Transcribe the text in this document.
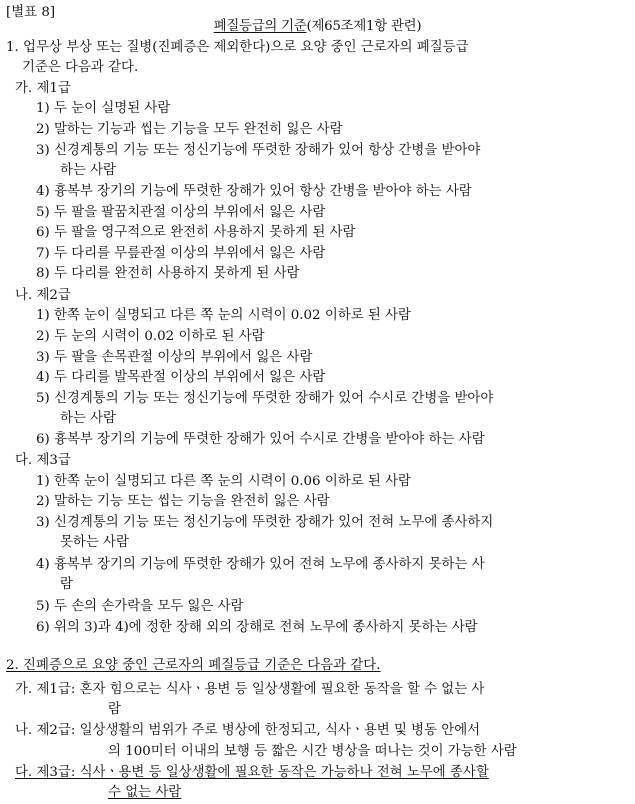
[별표 8]
폐질등급의 기준(제65조제1항 관련)
1. 업무상 부상 또는 질병(진폐증은 제외한다)으로 요양 중인 근로자의 폐질등급
기준은 다음과 같다.
가. 제1급
1) 두 눈이 실명된 사람
2) 말하는 기능과 씹는 기능을 모두 완전히 잃은 사람
3) 신경계통의 기능 또는 정신기능에 뚜렷한 장해가 있어 항상 간병을 받아야
하는 사람
4) 흉복부 장기의 기능에 뚜렷한 장해가 있어 항상 간병을 받아야 하는 사람
5) 두 팔을 팔꿈치관절 이상의 부위에서 잃은 사람
6) 두 팔을 영구적으로 완전히 사용하지 못하게 된 사람
7) 두 다리를 무릎관절 이상의 부위에서 잃은 사람
8) 두 다리를 완전히 사용하지 못하게 된 사람
나. 제2급
1) 한쪽 눈이 실명되고 다른 쪽 눈의 시력이 0.02 이하로 된 사람
2) 두 눈의 시력이 0.02 이하로 된 사람
3) 두 팔을 손목관절 이상의 부위에서 잃은 사람
4) 두 다리를 발목관절 이상의 부위에서 잃은 사람
5) 신경계통의 기능 또는 정신기능에 뚜렷한 장해가 있어 수시로 간병을 받아야
하는 사람
6) 흉복부 장기의 기능에 뚜렷한 장해가 있어 수시로 간병을 받아야 하는 사람
다. 제3급
1) 한쪽 눈이 실명되고 다른 쪽 눈의 시력이 0.06 이하로 된 사람
2) 말하는 기능 또는 씹는 기능을 완전히 잃은 사람
3) 신경계통의 기능 또는 정신기능에 뚜렷한 장해가 있어 전혀 노무에 종사하지
못하는 사람
4) 흉복부 장기의 기능에 뚜렷한 장해가 있어 전혀 노무에 종사하지 못하는 사
람
5) 두 손의 손가락을 모두 잃은 사람
6) 위의 3)과 4)에 정한 장해 외의 장해로 전혀 노무에 종사하지 못하는 사람
2. 진폐증으로 요양 중인 근로자의 폐질등급 기준은 다음과 같다.
가. 제1급: 혼자 힘으로는 식사ㆍ용변 등 일상생활에 필요한 동작을 할 수 없는 사
람
나. 제2급: 일상생활의 범위가 주로 병상에 한정되고, 식사ㆍ용변 및 병동 안에서
의 100미터 이내의 보행 등 짧은 시간 병상을 떠나는 것이 가능한 사람
다. 제3급: 식사ㆍ용변 등 일상생활에 필요한 동작은 가능하나 전혀 노무에 종사할
수 없는 사람
